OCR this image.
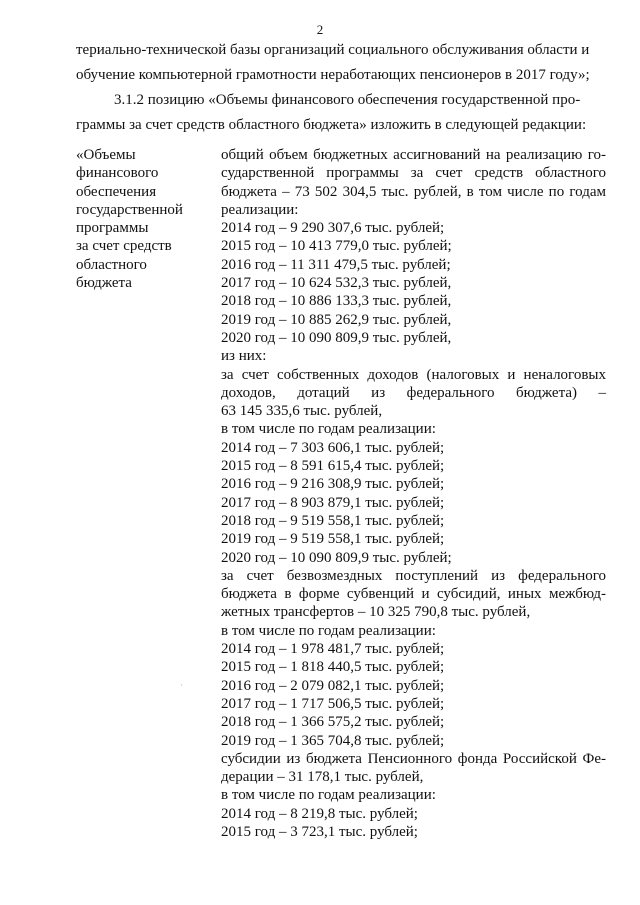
2

териально-технической базы организаций социального обслуживания области и

обучение компьютерной грамотности неработающих пенсионеров в 2017 году»;

3.1.2 позицию «Объемы финансового обеспечения государственной про-

граммы за счет средств областного бюджета» изложить в следующей редакции:

«Объемы
финансового
обеспечения
государственной
программы
за счет средств
областного
бюджета
общий объем бюджетных ассигнований на реализацию го-
сударственной программы за счет средств областного
бюджета – 73 502 304,5 тыс. рублей, в том числе по годам
реализации:
2014 год – 9 290 307,6 тыс. рублей;
2015 год – 10 413 779,0 тыс. рублей;
2016 год – 11 311 479,5 тыс. рублей;
2017 год – 10 624 532,3 тыс. рублей,
2018 год – 10 886 133,3 тыс. рублей,
2019 год – 10 885 262,9 тыс. рублей,
2020 год – 10 090 809,9 тыс. рублей,
из них:
за счет собственных доходов (налоговых и неналоговых
доходов, дотаций из федерального бюджета) –
63 145 335,6 тыс. рублей,
в том числе по годам реализации:
2014 год – 7 303 606,1 тыс. рублей;
2015 год – 8 591 615,4 тыс. рублей;
2016 год – 9 216 308,9 тыс. рублей;
2017 год – 8 903 879,1 тыс. рублей;
2018 год – 9 519 558,1 тыс. рублей;
2019 год – 9 519 558,1 тыс. рублей;
2020 год – 10 090 809,9 тыс. рублей;
за счет безвозмездных поступлений из федерального
бюджета в форме субвенций и субсидий, иных межбюд-
жетных трансфертов – 10 325 790,8 тыс. рублей,
в том числе по годам реализации:
2014 год – 1 978 481,7 тыс. рублей;
2015 год – 1 818 440,5 тыс. рублей;
2016 год – 2 079 082,1 тыс. рублей;
2017 год – 1 717 506,5 тыс. рублей;
2018 год – 1 366 575,2 тыс. рублей;
2019 год – 1 365 704,8 тыс. рублей;
субсидии из бюджета Пенсионного фонда Российской Фе-
дерации – 31 178,1 тыс. рублей,
в том числе по годам реализации:
2014 год – 8 219,8 тыс. рублей;
2015 год – 3 723,1 тыс. рублей;
·
